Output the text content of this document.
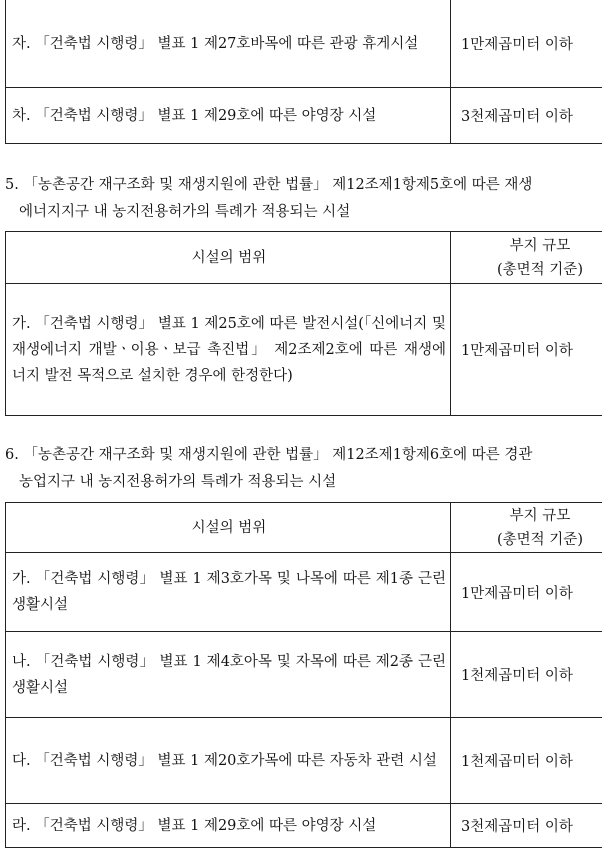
자. 「건축법 시행령」 별표 1 제27호바목에 따른 관광 휴게시설	1만제곱미터 이하
차. 「건축법 시행령」 별표 1 제29호에 따른 야영장 시설	3천제곱미터 이하
5. 「농촌공간 재구조화 및 재생지원에 관한 법률」 제12조제1항제5호에 따른 재생
에너지지구 내 농지전용허가의 특례가 적용되는 시설
시설의 범위	부지 규모
(총면적 기준)

가. 「건축법 시행령」 별표 1 제25호에 따른 발전시설(「신에너지 및 재생에너지 개발ㆍ이용ㆍ보급 촉진법」 제2조제2호에 따른 재생에너지 발전 목적으로 설치한 경우에 한정한다)	1만제곱미터 이하
6. 「농촌공간 재구조화 및 재생지원에 관한 법률」 제12조제1항제6호에 따른 경관
농업지구 내 농지전용허가의 특례가 적용되는 시설
시설의 범위	부지 규모
(총면적 기준)

가. 「건축법 시행령」 별표 1 제3호가목 및 나목에 따른 제1종 근린생활시설	1만제곱미터 이하
나. 「건축법 시행령」 별표 1 제4호아목 및 자목에 따른 제2종 근린생활시설	1천제곱미터 이하
다. 「건축법 시행령」 별표 1 제20호가목에 따른 자동차 관련 시설	1천제곱미터 이하
라. 「건축법 시행령」 별표 1 제29호에 따른 야영장 시설	3천제곱미터 이하
